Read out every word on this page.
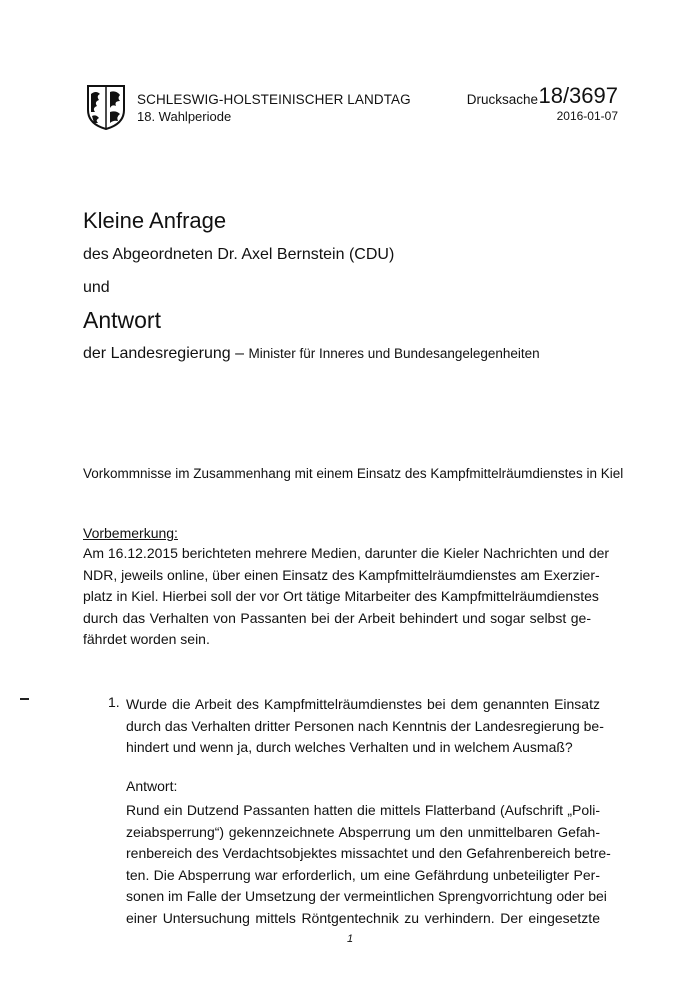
SCHLESWIG-HOLSTEINISCHER LANDTAG
18. Wahlperiode
Drucksache 18/3697
2016-01-07
Kleine Anfrage
des Abgeordneten Dr. Axel Bernstein (CDU)
und
Antwort
der Landesregierung – Minister für Inneres und Bundesangelegenheiten
Vorkommnisse im Zusammenhang mit einem Einsatz des Kampfmittelräumdienstes in Kiel
Vorbemerkung:
Am 16.12.2015 berichteten mehrere Medien, darunter die Kieler Nachrichten und der
NDR, jeweils online, über einen Einsatz des Kampfmittelräumdienstes am Exerzier-
platz in Kiel. Hierbei soll der vor Ort tätige Mitarbeiter des Kampfmittelräumdienstes
durch das Verhalten von Passanten bei der Arbeit behindert und sogar selbst ge-
fährdet worden sein.
1. Wurde die Arbeit des Kampfmittelräumdienstes bei dem genannten Einsatz
durch das Verhalten dritter Personen nach Kenntnis der Landesregierung be-
hindert und wenn ja, durch welches Verhalten und in welchem Ausmaß?
Antwort:
Rund ein Dutzend Passanten hatten die mittels Flatterband (Aufschrift „Poli-
zeiabsperrung“) gekennzeichnete Absperrung um den unmittelbaren Gefah-
renbereich des Verdachtsobjektes missachtet und den Gefahrenbereich betre-
ten. Die Absperrung war erforderlich, um eine Gefährdung unbeteiligter Per-
sonen im Falle der Umsetzung der vermeintlichen Sprengvorrichtung oder bei
einer Untersuchung mittels Röntgentechnik zu verhindern. Der eingesetzte
1
